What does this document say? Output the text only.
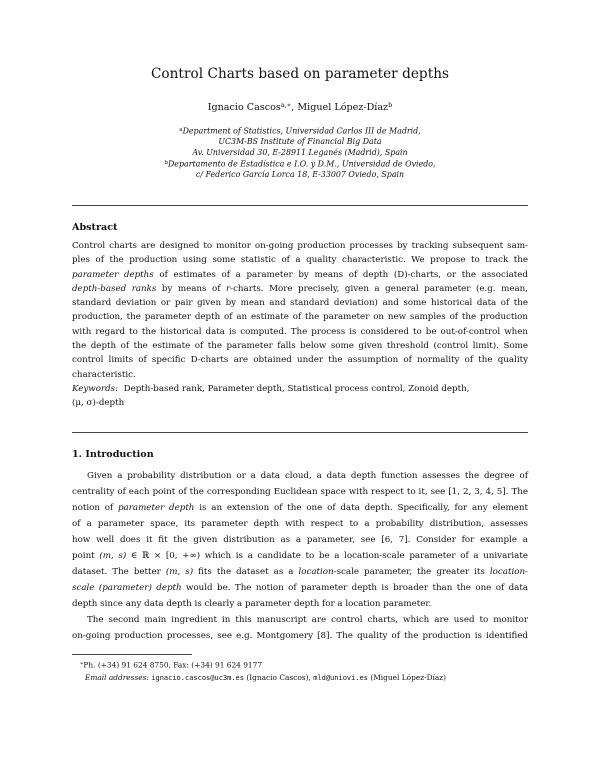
Control Charts based on parameter depths
Ignacio Cascos$^{a,∗}$, Miguel López-Díaz$^b$
$^a$Department of Statistics, Universidad Carlos III de Madrid,
UC3M-BS Institute of Financial Big Data
Av. Universidad 30, E-28911 Leganés (Madrid), Spain
$^b$Departamento de Estadística e I.O. y D.M., Universidad de Oviedo,
c/ Federico García Lorca 18, E-33007 Oviedo, Spain
Abstract
Control charts are designed to monitor on-going production processes by tracking subsequent sam-
ples of the production using some statistic of a quality characteristic. We propose to track the
parameter depths of estimates of a parameter by means of depth (D)-charts, or the associated
depth-based ranks by means of r-charts. More precisely, given a general parameter (e.g. mean,
standard deviation or pair given by mean and standard deviation) and some historical data of the
production, the parameter depth of an estimate of the parameter on new samples of the production
with regard to the historical data is computed. The process is considered to be out-of-control when
the depth of the estimate of the parameter falls below some given threshold (control limit). Some
control limits of specific D-charts are obtained under the assumption of normality of the quality
characteristic.
Keywords: Depth-based rank, Parameter depth, Statistical process control, Zonoid depth,
(μ, σ)-depth
1. Introduction
Given a probability distribution or a data cloud, a data depth function assesses the degree of
centrality of each point of the corresponding Euclidean space with respect to it, see [1, 2, 3, 4, 5]. The
notion of parameter depth is an extension of the one of data depth. Specifically, for any element
of a parameter space, its parameter depth with respect to a probability distribution, assesses
how well does it fit the given distribution as a parameter, see [6, 7]. Consider for example a
point (m, s) ∈ ℝ × [0, +∞) which is a candidate to be a location-scale parameter of a univariate
dataset. The better (m, s) fits the dataset as a location-scale parameter, the greater its location-
scale (parameter) depth would be. The notion of parameter depth is broader than the one of data
depth since any data depth is clearly a parameter depth for a location parameter.
The second main ingredient in this manuscript are control charts, which are used to monitor
on-going production processes, see e.g. Montgomery [8]. The quality of the production is identified
∗Ph. (+34) 91 624 8750, Fax: (+34) 91 624 9177
Email addresses: ignacio.cascos@uc3m.es (Ignacio Cascos), mld@uniovi.es (Miguel López-Díaz)
